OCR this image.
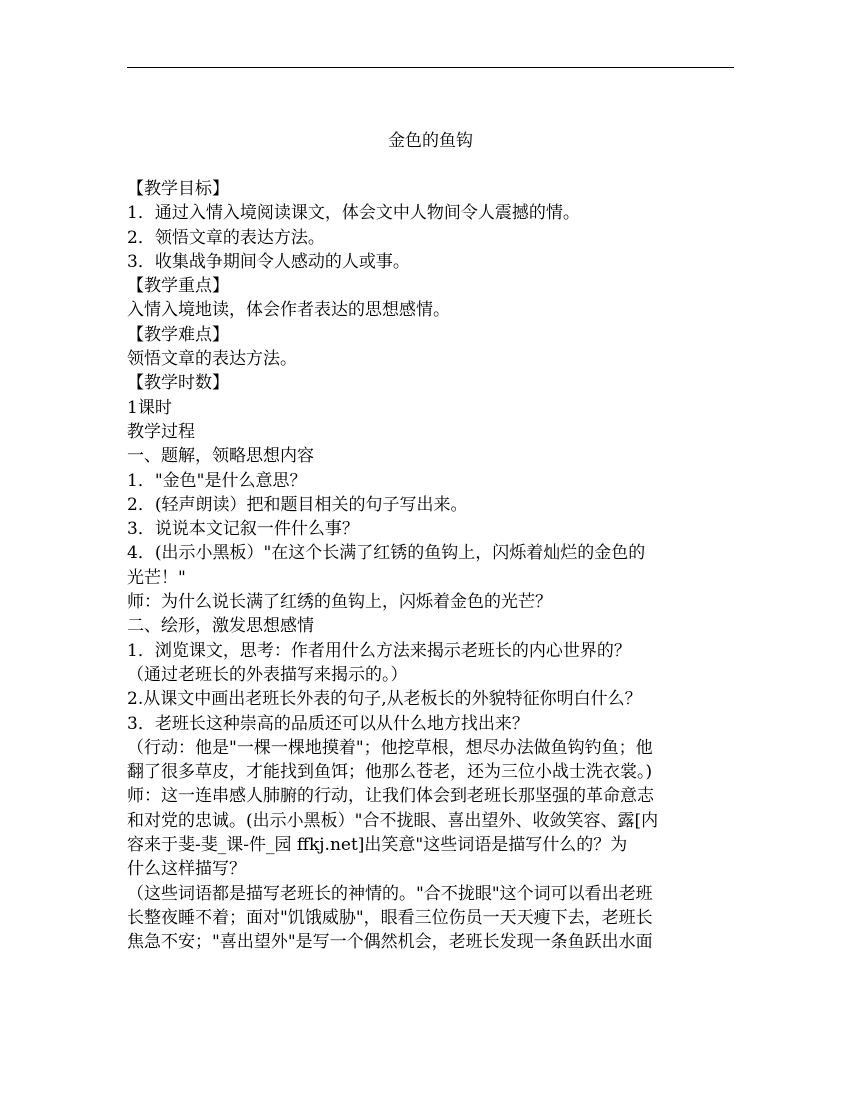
金色的鱼钩
【教学目标】
1．通过入情入境阅读课文，体会文中人物间令人震撼的情。
2．领悟文章的表达方法。
3．收集战争期间令人感动的人或事。
【教学重点】
入情入境地读，体会作者表达的思想感情。
【教学难点】
领悟文章的表达方法。
【教学时数】
1课时
教学过程
一、题解，领略思想内容
1．"金色"是什么意思？
2．(轻声朗读）把和题目相关的句子写出来。
3．说说本文记叙一件什么事？
4．(出示小黑板）"在这个长满了红锈的鱼钩上，闪烁着灿烂的金色的
光芒！"
师：为什么说长满了红绣的鱼钩上，闪烁着金色的光芒？
二、绘形，激发思想感情
1．浏览课文，思考：作者用什么方法来揭示老班长的内心世界的？
（通过老班长的外表描写来揭示的。）
2.从课文中画出老班长外表的句子,从老板长的外貌特征你明白什么？
3．老班长这种崇高的品质还可以从什么地方找出来？
（行动：他是"一棵一棵地摸着"；他挖草根，想尽办法做鱼钩钓鱼；他
翻了很多草皮，才能找到鱼饵；他那么苍老，还为三位小战士洗衣裳。)
师：这一连串感人肺腑的行动，让我们体会到老班长那坚强的革命意志
和对党的忠诚。(出示小黑板）"合不拢眼、喜出望外、收敛笑容、露[内
容来于斐-斐_课-件_园 ffkj.net]出笑意"这些词语是描写什么的？为
什么这样描写？
（这些词语都是描写老班长的神情的。"合不拢眼"这个词可以看出老班
长整夜睡不着；面对"饥饿威胁"，眼看三位伤员一天天瘦下去，老班长
焦急不安；"喜出望外"是写一个偶然机会，老班长发现一条鱼跃出水面
